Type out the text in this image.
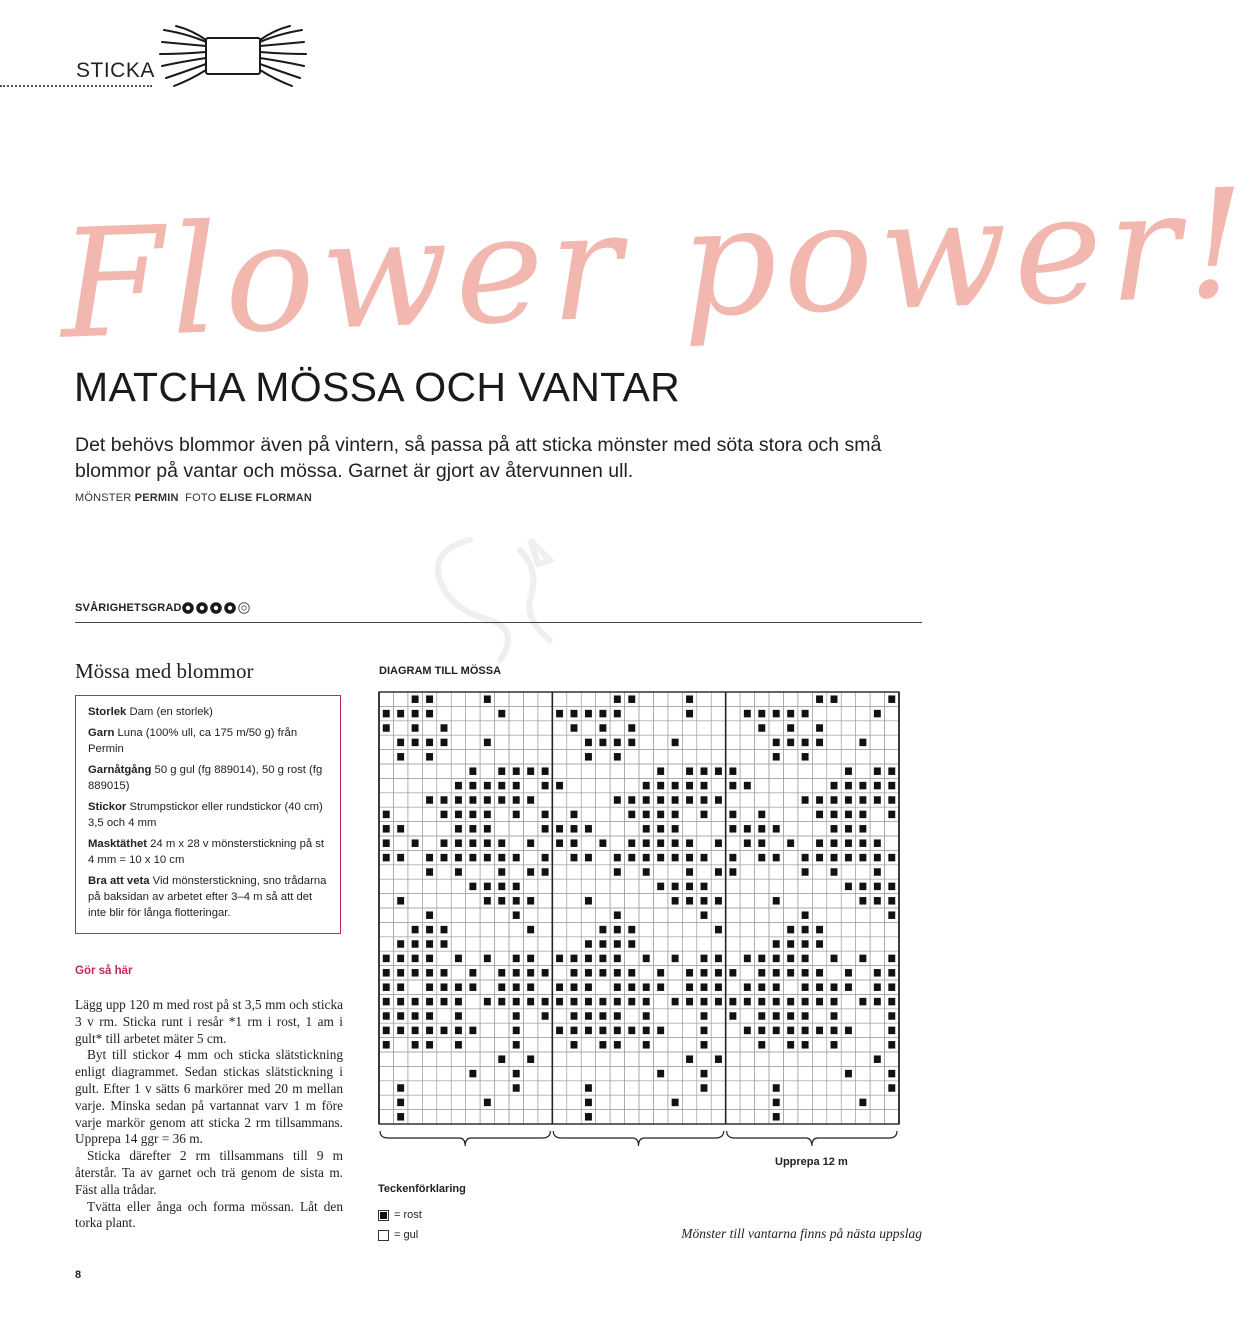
STICKA
Flower power!
MATCHA MÖSSA OCH VANTAR
Det behövs blommor även på vintern, så passa på att sticka mönster med söta stora och små blommor på vantar och mössa. Garnet är gjort av återvunnen ull.
MÖNSTER PERMIN FOTO ELISE FLORMAN
SVÅRIGHETSGRAD
Mössa med blommor
Storlek Dam (en storlek)
Garn Luna (100% ull, ca 175 m/50 g) från Permin
Garnåtgång 50 g gul (fg 889014), 50 g rost (fg 889015)
Stickor Strumpstickor eller rundstickor (40 cm) 3,5 och 4 mm
Masktäthet 24 m x 28 v mönsterstickning på st 4 mm = 10 x 10 cm
Bra att veta Vid mönsterstickning, sno trådarna på baksidan av arbetet efter 3–4 m så att det inte blir för långa flotteringar.
Gör så här

Lägg upp 120 m med rost på st 3,5 mm och sticka 3 v rm. Sticka runt i resår *1 rm i rost, 1 am i gult* till arbetet mäter 5 cm.

Byt till stickor 4 mm och sticka slätstickning enligt diagrammet. Sedan stickas slätstickning i gult. Efter 1 v sätts 6 markörer med 20 m mellan varje. Minska sedan på vartannat varv 1 m före varje markör genom att sticka 2 rm tillsammans. Upprepa 14 ggr = 36 m.

Sticka därefter 2 rm tillsammans till 9 m återstår. Ta av garnet och trä genom de sista m. Fäst alla trådar.

Tvätta eller ånga och forma mössan. Låt den torka plant.

DIAGRAM TILL MÖSSA
Upprepa 12 m
Teckenförklaring
= rost
= gul	Mönster till vantarna finns på nästa uppslag
8
